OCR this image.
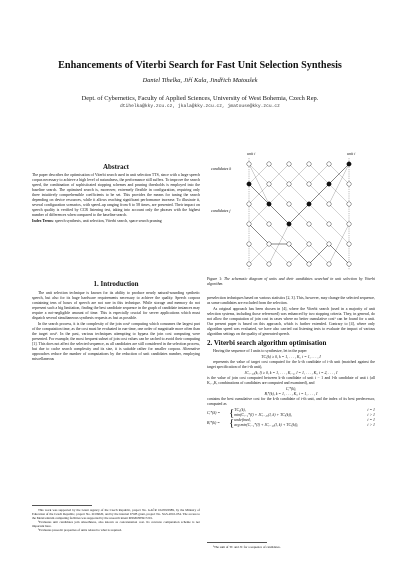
Enhancements of Viterbi Search for Fast Unit Selection Synthesis
Daniel Tihelka, Jiří Kala, Jindřich Matoušek
Dept. of Cybernetics, Faculty of Applied Sciences, University of West Bohemia, Czech Rep.
dtihelka@kky.zcu.cz, jkala@kky.zcu.cz, jmatouse@kky.zcu.cz
Abstract

The paper describes the optimisation of Viterbi search used in unit selection TTS, since with a large speech corpus necessary to achieve a high level of naturalness, the performance still suffers. To improve the search speed, the combination of sophisticated stopping schemes and pruning thresholds is employed into the baseline search. The optimised search is, moreover, extremely flexible in configuration, requiring only three intuitively comprehensible coefficients to be set. This provides the means for tuning the search depending on device resources, while it allows reaching significant performance increase. To illustrate it, several configuration scenarios, with speed–up ranging from 6 to 58 times, are presented. Their impact on speech quality is verified by CCR listening test, taking into account only the phrases with the highest number of differences when compared to the baseline search.

Index Terms: speech synthesis, unit selection, Viterbi search, space search pruning

1. Introduction

The unit selection technique is known for its ability to produce nearly natural-sounding synthetic speech, but also for its huge hardware requirements necessary to achieve the quality. Speech corpora containing tens of hours of speech are not rare in this technique. While storage and memory do not represent such a big limitation, finding the best candidate sequence in the graph of candidate instances may require a not-negligible amount of time. This is especially crucial for server applications which must dispatch several simultaneous synthesis requests as fast as possible.

In the search process, it is the complexity of the join cost¹ computing which consumes the largest part of the computation time, as the cost must be evaluated in run-time, one order of magnitude more often than the target cost². In the past, various techniques attempting to bypass the join cost computing were presented. For example, the most frequent subset of join cost values can be cached to avoid their computing [1]. This does not affect the selected sequence, as all candidates are still considered in the selection process, but due to cache search complexity and its size, it is suitable rather for smaller corpora. Alternative approaches reduce the number of computations by the reduction of unit candidates number, employing miscellaneous

This work was supported by the Grant Agency of the Czech Republic, project No. GAČR 102/09/0989, by the Ministry of Education of the Czech Republic, project No. 2C06020, and by the internal UWB grant, project No. SGS-2010-054. The access to the MetaCentrum computing facilities was supported by the research intent MSM6383917201.
¹Evaluates unit candidates join smoothness, also known as concatenation cost. Its concrete computation scheme is not important here.
²Evaluates prosodic properties of units related to what is required.
unit i	unit i
candidates k
candidates j
Figure 1: The schematic diagram of units and their candidates searched in unit selection by Viterbi algorithm.

preselection techniques based on various statistics [2, 3]. This, however, may change the selected sequence, as some candidates are excluded from the selection.

As original approach has been chosen in [4], where the Viterbi search (used in a majority of unit selection systems, including those referenced) was enhanced by two stopping criteria. They, in general, do not allow the computation of join cost in cases where no better cumulative cost³ can be found for a unit. Our present paper is based on this approach, which is further extended. Contrary to [4], where only algorithm speed was evaluated, we have also carried out listening tests to evaluate the impact of various algorithm settings on the quality of generated speech.

2. Viterbi search algorithm optimisation

Having the sequence of I units to synthesize, let in the paper

TCᵢ(k) ≥ 0, k = 1, . . . , Kᵢ, i = 1, . . . , I

represents the value of target cost computed for the k-th candidate of i-th unit (matched against the target specification of the i-th unit),

JCᵢ₋₁,ᵢ(k, l) ≥ 0, k = 1, . . . , Kᵢ₋₁, l = 1, . . . , Kᵢ, i = 2, . . . , I

is the value of join cost computed between k-th candidate of unit i − 1 and l-th candidate of unit i (all Kᵢ₋₁Kᵢ combinations of candidates are computed and examined), and

Cᵢ*(k),
Bᵢ*(k), k = 1, . . . , Kᵢ, i = 1, . . . , I

contains the best cumulative cost for the k-th candidate of i-th unit, and the index of its best predecessor, computed as

Cᵢ*(k) = { TC₁(k),	i = 1
min(Cᵢ₋₁*(l) + JCᵢ₋₁,ᵢ(l, k) + TCᵢ(k)),	i > 1
Bᵢ*(k) = { undefined,	i = 1
arg min(Cᵢ₋₁*(l) + JCᵢ₋₁,ᵢ(l, k) + TCᵢ(k)),	i > 1
³The sum of TC and JC for a sequence of candidates.
